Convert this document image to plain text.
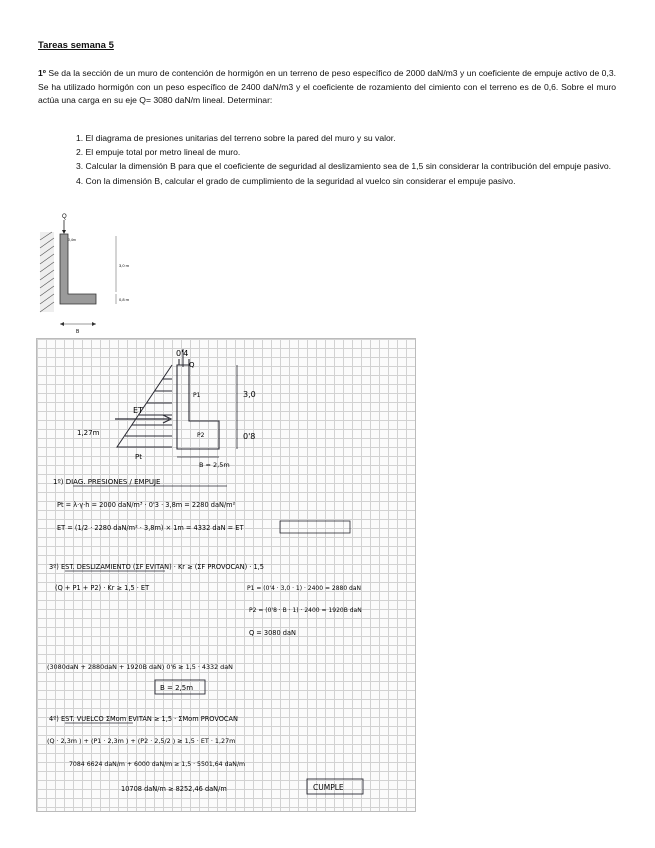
Tareas semana 5
1º Se da la sección de un muro de contención de hormigón en un terreno de peso específico de 2000 daN/m3 y un coeficiente de empuje activo de 0,3. Se ha utilizado hormigón con un peso específico de 2400 daN/m3 y el coeficiente de rozamiento del cimiento con el terreno es de 0,6. Sobre el muro actúa una carga en su eje Q= 3080 daN/m lineal. Determinar:
1. El diagrama de presiones unitarias del terreno sobre la pared del muro y su valor.
2. El empuje total por metro lineal de muro.
3. Calcular la dimensión B para que el coeficiente de seguridad al deslizamiento sea de 1,5 sin considerar la contribución del empuje pasivo.
4. Con la dimensión B, calcular el grado de cumplimiento de la seguridad al vuelco sin considerar el empuje pasivo.
Q
0,4m
3,0 m
0,8 m
B
0'4
Q
3,0
0'8
B = 2,5m
ET
1,27m
Pt
P1
P2
1º) DIAG. PRESIONES / EMPUJE
Pt = λ·γ·h = 2000 daN/m³ · 0'3 · 3,8m = 2280 daN/m²
ET = (1/2 · 2280 daN/m² · 3,8m) × 1m = 4332 daN = ET
3º) EST. DESLIZAMIENTO (ΣF EVITAN) · Kr ≥ (ΣF PROVOCAN) · 1,5
(Q + P1 + P2) · Kr ≥ 1,5 · ET	P1 = (0'4 · 3,0 · 1) · 2400 = 2880 daN
P2 = (0'8 · B · 1) · 2400 = 1920B daN
Q = 3080 daN
(3080daN + 2880daN + 1920B daN) 0'6 ≥ 1,5 · 4332 daN
B = 2,5m
4º) EST. VUELCO ΣMom EVITAN ≥ 1,5 · ΣMom PROVOCAN
(Q · 2,3m ) + (P1 · 2,3m ) + (P2 · 2,5/2 ) ≥ 1,5 · ET · 1,27m
7084 6624 daN/m + 6000 daN/m ≥ 1,5 · 5501,64 daN/m
10708 daN/m ≥ 8252,46 daN/m	CUMPLE
